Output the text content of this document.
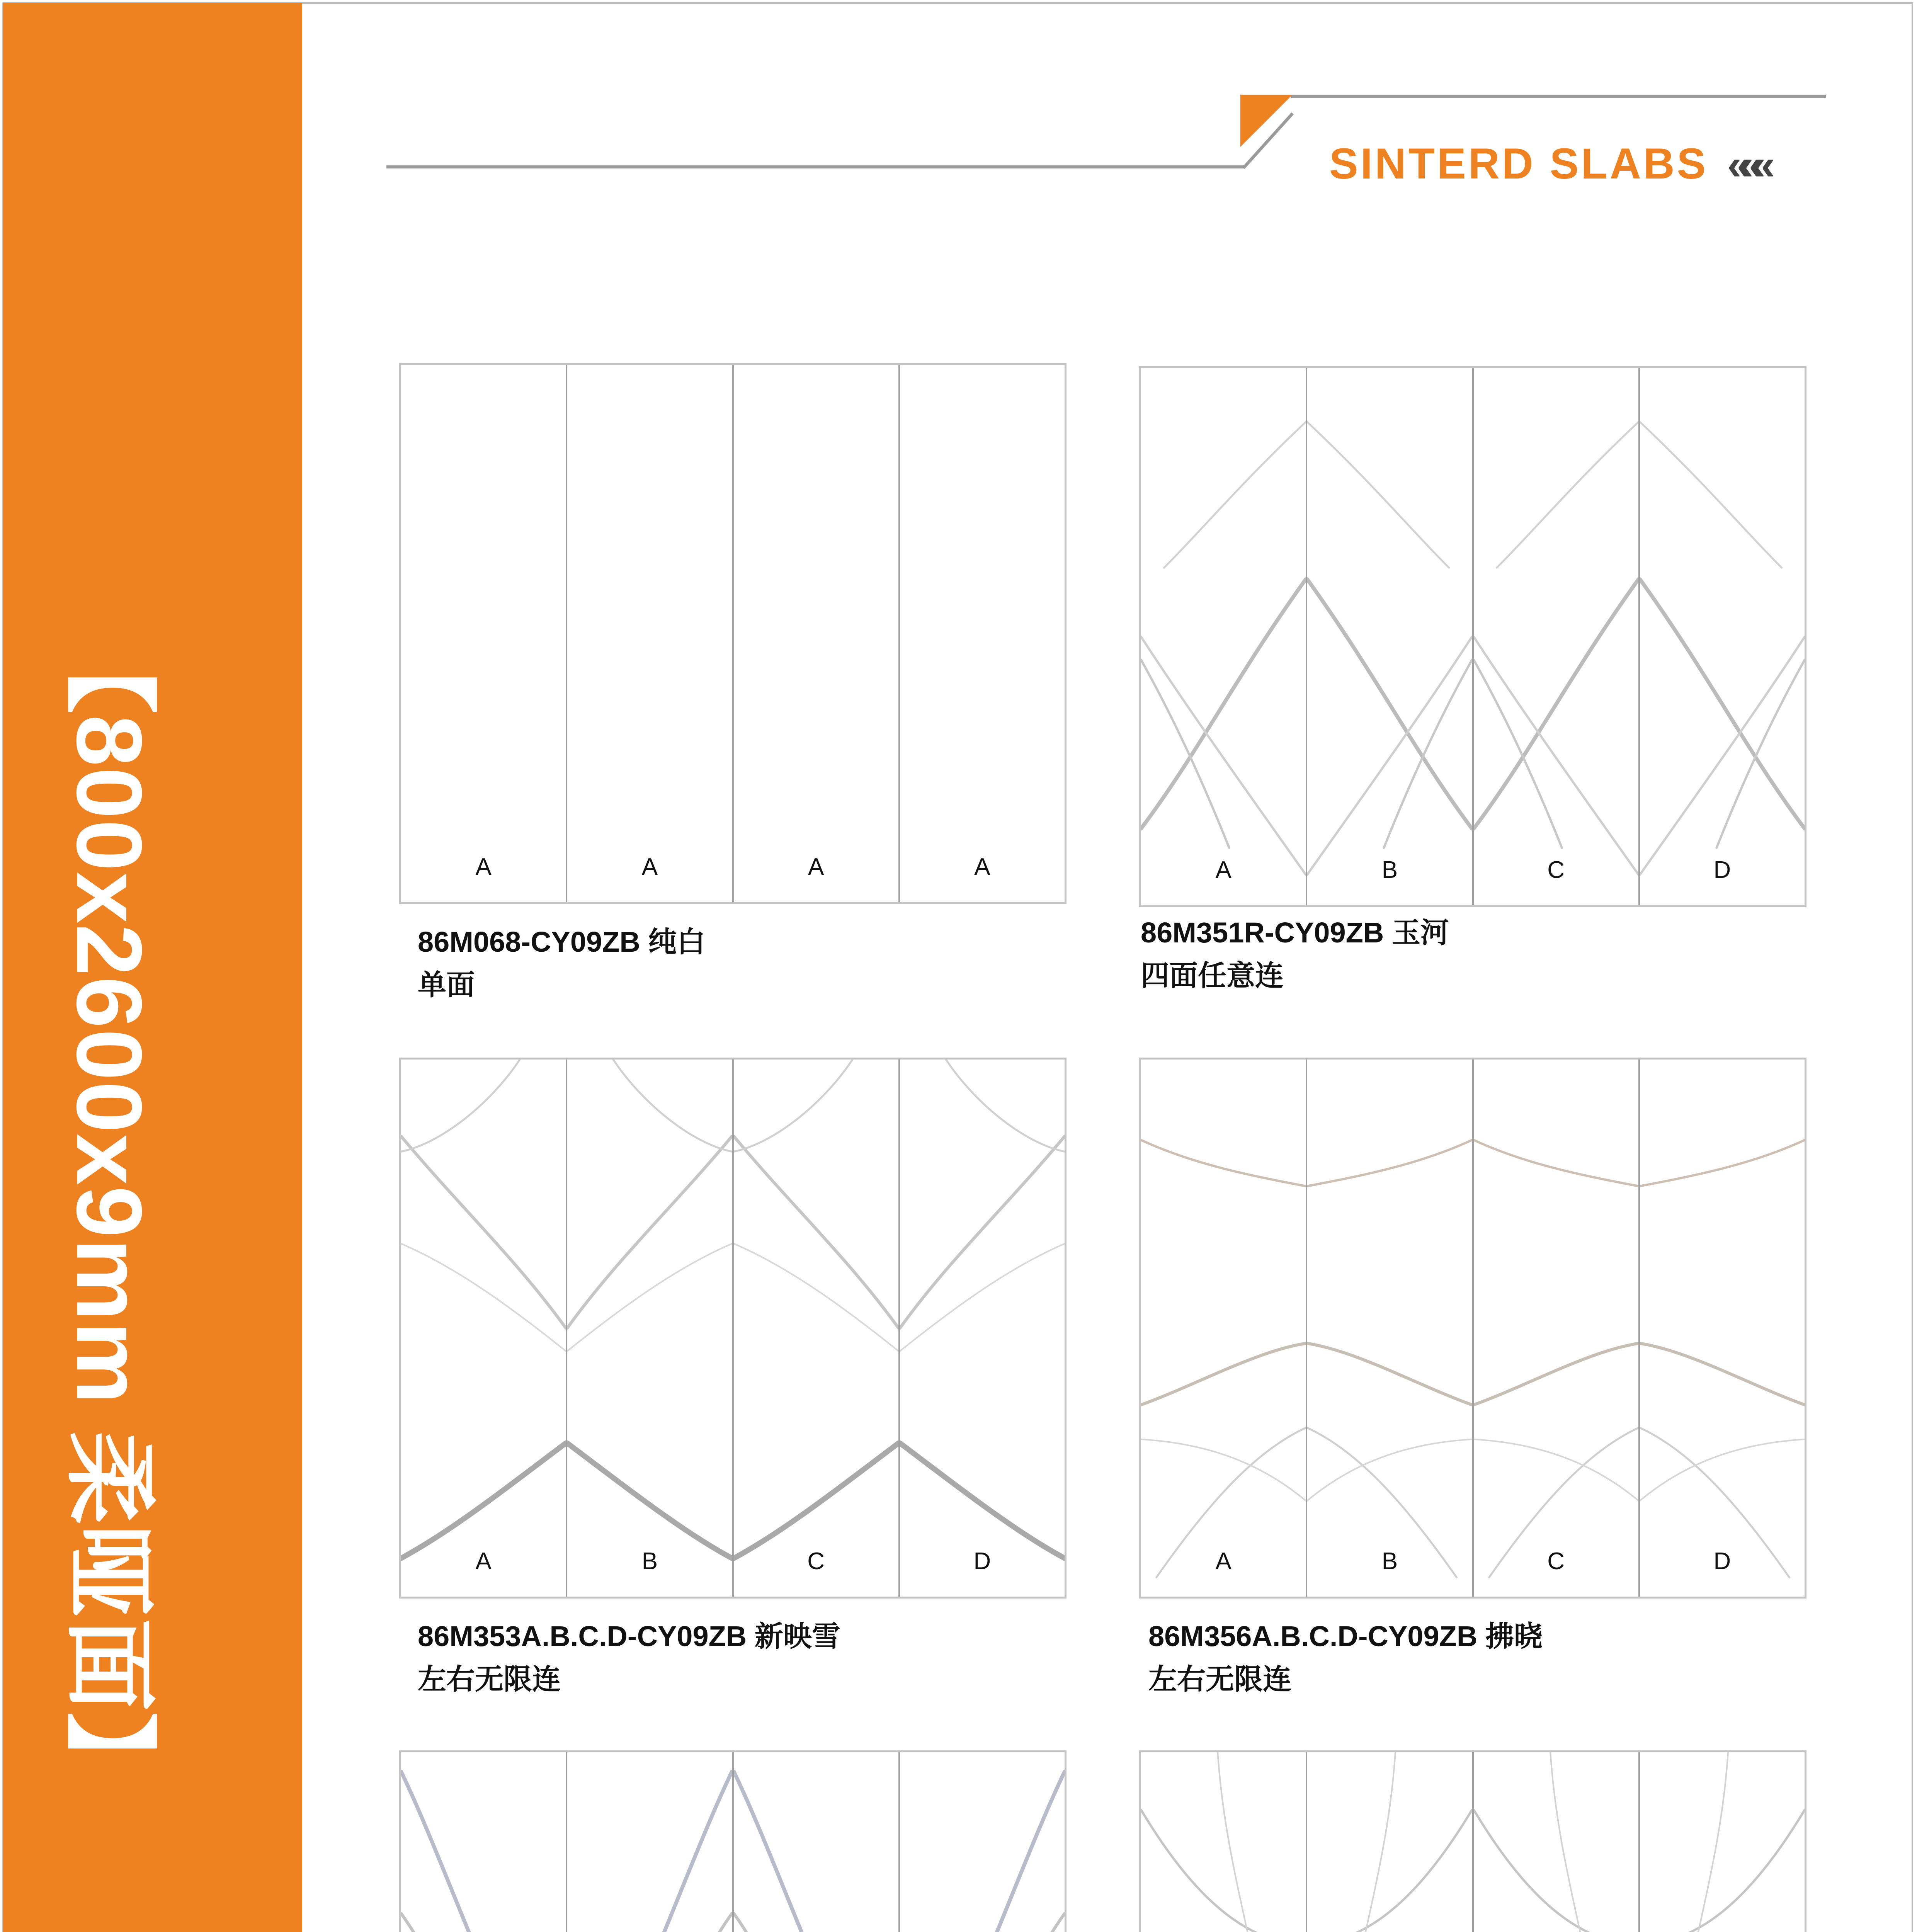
【800x2600x9mm 柔哑面】
SINTERD SLABS «««
A	A	A	A
86M068-CY09ZB 纯白
单面
A	B	C	D
86M351R-CY09ZB 玉河
四面任意连
A	B	C	D
86M353A.B.C.D-CY09ZB 新映雪
左右无限连
A	B	C	D
86M356A.B.C.D-CY09ZB 拂晓
左右无限连
